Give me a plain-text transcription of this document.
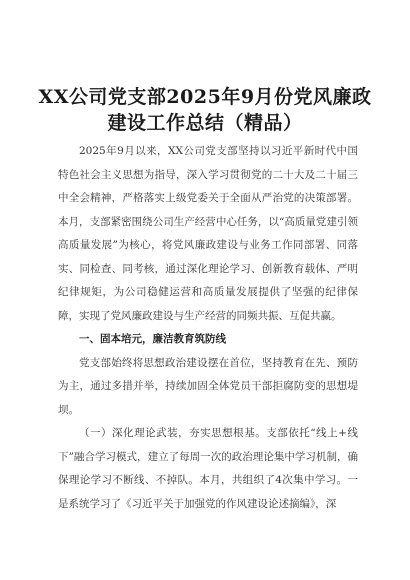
XX公司党支部2025年9月份党风廉政
建设工作总结（精品）

2025年9月以来，XX公司党支部坚持以习近平新时代中国特色社会主义思想为指导，深入学习贯彻党的二十大及二十届三中全会精神，严格落实上级党委关于全面从严治党的决策部署。本月，支部紧密围绕公司生产经营中心任务，以“高质量党建引领高质量发展”为核心，将党风廉政建设与业务工作同部署、同落实、同检查、同考核，通过深化理论学习、创新教育载体、严明纪律规矩，为公司稳健运营和高质量发展提供了坚强的纪律保障，实现了党风廉政建设与生产经营的同频共振、互促共赢。

一、固本培元，廉洁教育筑防线

党支部始终将思想政治建设摆在首位，坚持教育在先、预防为主，通过多措并举，持续加固全体党员干部拒腐防变的思想堤坝。

（一）深化理论武装，夯实思想根基。支部依托“线上+线下”融合学习模式，建立了每周一次的政治理论集中学习机制，确保理论学习不断线、不掉队。本月，共组织了4次集中学习。一是系统学习了《习近平关于加强党的作风建设论述摘编》，深
